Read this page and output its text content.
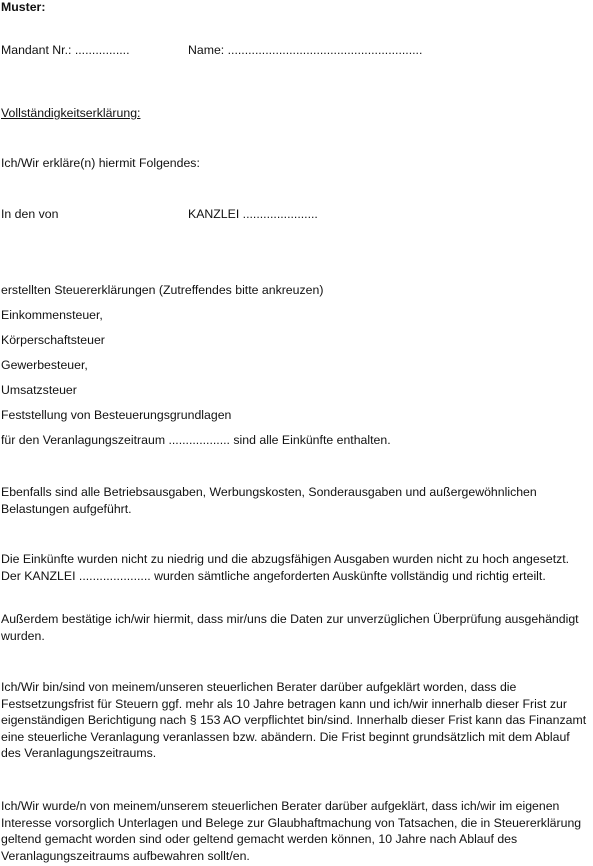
Muster:
Mandant Nr.: ................	Name: .........................................................
Vollständigkeitserklärung:
Ich/Wir erkläre(n) hiermit Folgendes:
In den von	KANZLEI ......................
erstellten Steuererklärungen (Zutreffendes bitte ankreuzen)
Einkommensteuer,
Körperschaftsteuer
Gewerbesteuer,
Umsatzsteuer
Feststellung von Besteuerungsgrundlagen
für den Veranlagungszeitraum .................. sind alle Einkünfte enthalten.
Ebenfalls sind alle Betriebsausgaben, Werbungskosten, Sonderausgaben und außergewöhnlichen Belastungen aufgeführt.
Die Einkünfte wurden nicht zu niedrig und die abzugsfähigen Ausgaben wurden nicht zu hoch angesetzt. Der KANZLEI ..................... wurden sämtliche angeforderten Auskünfte vollständig und richtig erteilt.
Außerdem bestätige ich/wir hiermit, dass mir/uns die Daten zur unverzüglichen Überprüfung ausgehändigt wurden.
Ich/Wir bin/sind von meinem/unseren steuerlichen Berater darüber aufgeklärt worden, dass die Festsetzungsfrist für Steuern ggf. mehr als 10 Jahre betragen kann und ich/wir innerhalb dieser Frist zur eigenständigen Berichtigung nach § 153 AO verpflichtet bin/sind. Innerhalb dieser Frist kann das Finanzamt eine steuerliche Veranlagung veranlassen bzw. abändern. Die Frist beginnt grundsätzlich mit dem Ablauf des Veranlagungszeitraums.
Ich/Wir wurde/n von meinem/unserem steuerlichen Berater darüber aufgeklärt, dass ich/wir im eigenen Interesse vorsorglich Unterlagen und Belege zur Glaubhaftmachung von Tatsachen, die in Steuererklärung geltend gemacht worden sind oder geltend gemacht werden können, 10 Jahre nach Ablauf des Veranlagungszeitraums aufbewahren sollt/en.
